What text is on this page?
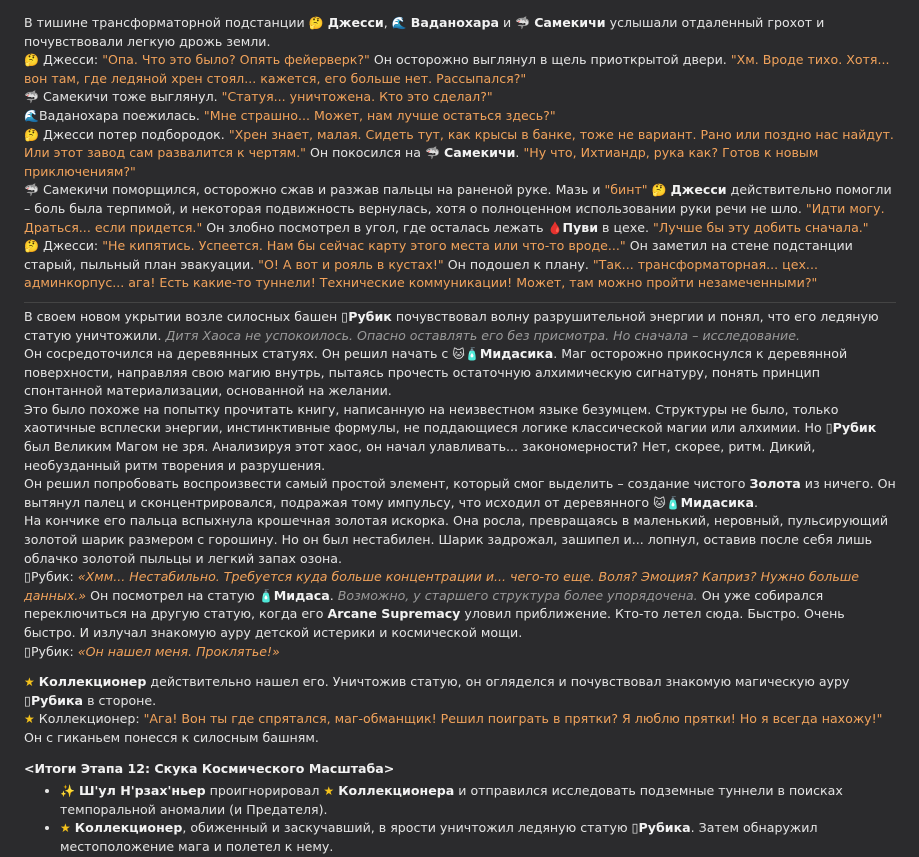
В тишине трансформаторной подстанции 🤔 Джесси, 🌊 Ваданохара и 🦈 Самекичи услышали отдаленный грохот и почувствовали легкую дрожь земли.

🤔 Джесси: "Опа. Что это было? Опять фейерверк?" Он осторожно выглянул в щель приоткрытой двери. "Хм. Вроде тихо. Хотя... вон там, где ледяной хрен стоял... кажется, его больше нет. Рассыпался?"

🦈 Самекичи тоже выглянул. "Статуя... уничтожена. Кто это сделал?"

🌊Ваданохара поежилась. "Мне страшно... Может, нам лучше остаться здесь?"

🤔 Джесси потер подбородок. "Хрен знает, малая. Сидеть тут, как крысы в банке, тоже не вариант. Рано или поздно нас найдут. Или этот завод сам развалится к чертям." Он покосился на 🦈 Самекичи. "Ну что, Ихтиандр, рука как? Готов к новым приключениям?"

🦈 Самекичи поморщился, осторожно сжав и разжав пальцы на раненой руке. Мазь и "бинт" 🤔 Джесси действительно помогли – боль была терпимой, и некоторая подвижность вернулась, хотя о полноценном использовании руки речи не шло. "Идти могу. Драться... если придется." Он злобно посмотрел в угол, где осталась лежать 🩸Пуви в цехе. "Лучше бы эту добить сначала."

🤔 Джесси: "Не кипятись. Успеется. Нам бы сейчас карту этого места или что-то вроде..." Он заметил на стене подстанции старый, пыльный план эвакуации. "О! А вот и рояль в кустах!" Он подошел к плану. "Так... трансформаторная... цех... админкорпус... ага! Есть какие-то туннели! Технические коммуникации! Может, там можно пройти незамеченными?"

В своем новом укрытии возле силосных башен ▯Рубик почувствовал волну разрушительной энергии и понял, что его ледяную статую уничтожили. Дитя Хаоса не успокоилось. Опасно оставлять его без присмотра. Но сначала – исследование.

Он сосредоточился на деревянных статуях. Он решил начать с 🐱🧴Мидасика. Маг осторожно прикоснулся к деревянной поверхности, направляя свою магию внутрь, пытаясь прочесть остаточную алхимическую сигнатуру, понять принцип спонтанной материализации, основанной на желании.

Это было похоже на попытку прочитать книгу, написанную на неизвестном языке безумцем. Структуры не было, только хаотичные всплески энергии, инстинктивные формулы, не поддающиеся логике классической магии или алхимии. Но ▯Рубик был Великим Магом не зря. Анализируя этот хаос, он начал улавливать... закономерности? Нет, скорее, ритм. Дикий, необузданный ритм творения и разрушения.

Он решил попробовать воспроизвести самый простой элемент, который смог выделить – создание чистого Золота из ничего. Он вытянул палец и сконцентрировался, подражая тому импульсу, что исходил от деревянного 🐱🧴Мидасика.

На кончике его пальца вспыхнула крошечная золотая искорка. Она росла, превращаясь в маленький, неровный, пульсирующий золотой шарик размером с горошину. Но он был нестабилен. Шарик задрожал, зашипел и... лопнул, оставив после себя лишь облачко золотой пыльцы и легкий запах озона.

▯Рубик: «Хмм... Нестабильно. Требуется куда больше концентрации и... чего-то еще. Воля? Эмоция? Каприз? Нужно больше данных.» Он посмотрел на статую 🧴Мидаса. Возможно, у старшего структура более упорядочена. Он уже собирался переключиться на другую статую, когда его Arcane Supremacy уловил приближение. Кто-то летел сюда. Быстро. Очень быстро. И излучал знакомую ауру детской истерики и космической мощи.

▯Рубик: «Он нашел меня. Проклятье!»

★ Коллекционер действительно нашел его. Уничтожив статую, он огляделся и почувствовал знакомую магическую ауру ▯Рубика в стороне.

★ Коллекционер: "Ага! Вон ты где спрятался, маг-обманщик! Решил поиграть в прятки? Я люблю прятки! Но я всегда нахожу!" Он с гиканьем понесся к силосным башням.

<Итоги Этапа 12: Скука Космического Масштаба>

• ✨ Ш'ул Н'рзах'ньер проигнорировал ★ Коллекционера и отправился исследовать подземные туннели в поисках темпоральной аномалии (и Предателя).
• ★ Коллекционер, обиженный и заскучавший, в ярости уничтожил ледяную статую ▯Рубика. Затем обнаружил местоположение мага и полетел к нему.
